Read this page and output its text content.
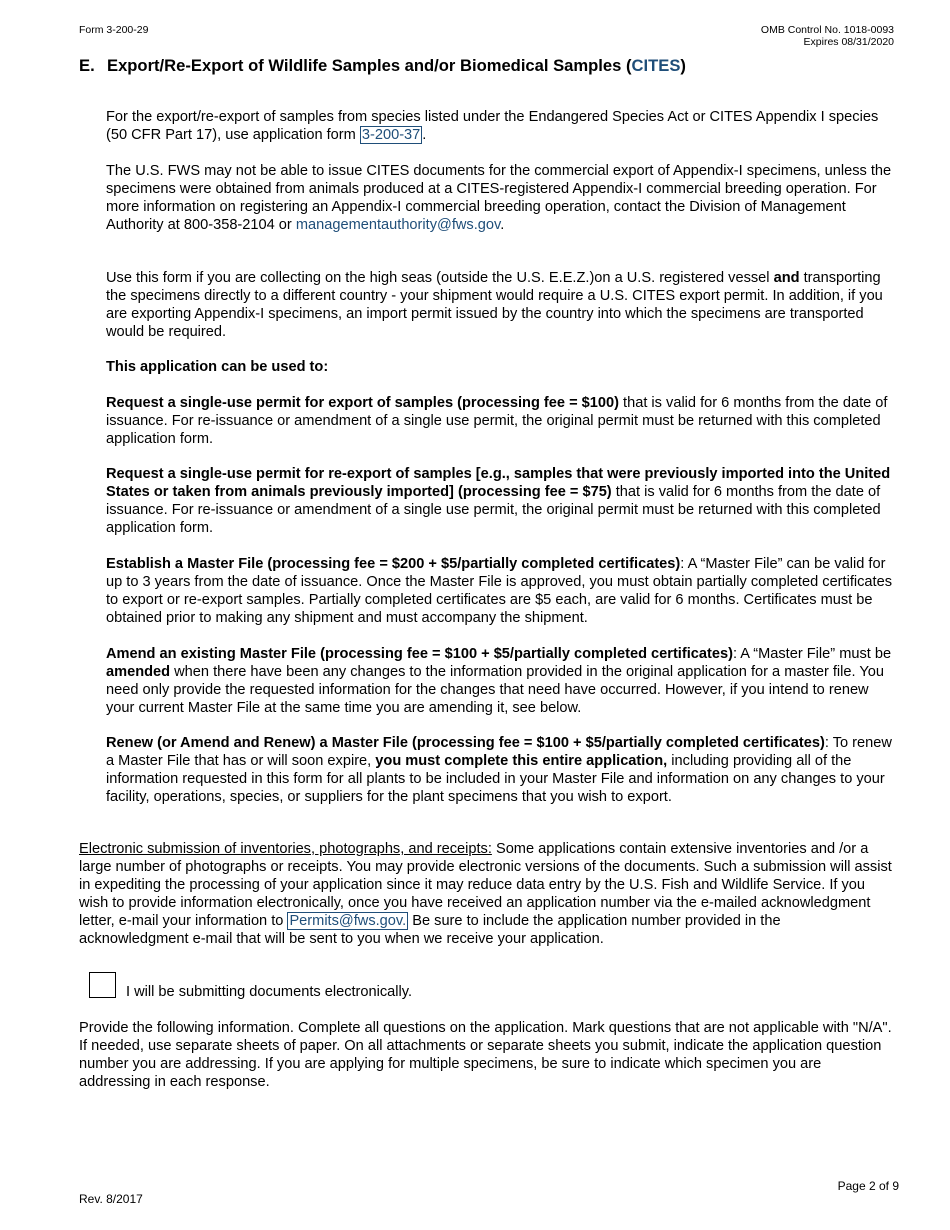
Form 3-200-29	OMB Control No. 1018-0093
Expires 08/31/2020
E. Export/Re-Export of Wildlife Samples and/or Biomedical Samples (CITES)

For the export/re-export of samples from species listed under the Endangered Species Act or CITES Appendix I species (50 CFR Part 17), use application form 3-200-37 .

The U.S. FWS may not be able to issue CITES documents for the commercial export of Appendix-I specimens, unless the specimens were obtained from animals produced at a CITES-registered Appendix-I commercial breeding operation. For more information on registering an Appendix-I commercial breeding operation, contact the Division of Management Authority at 800-358-2104 or managementauthority@fws.gov.

Use this form if you are collecting on the high seas (outside the U.S. E.E.Z.)on a U.S. registered vessel and transporting the specimens directly to a different country - your shipment would require a U.S. CITES export permit. In addition, if you are exporting Appendix-I specimens, an import permit issued by the country into which the specimens are transported would be required.

This application can be used to:

Request a single-use permit for export of samples (processing fee = $100) that is valid for 6 months from the date of issuance. For re-issuance or amendment of a single use permit, the original permit must be returned with this completed application form.

Request a single-use permit for re-export of samples [e.g., samples that were previously imported into the United States or taken from animals previously imported] (processing fee = $75) that is valid for 6 months from the date of issuance. For re-issuance or amendment of a single use permit, the original permit must be returned with this completed application form.

Establish a Master File (processing fee = $200 + $5/partially completed certificates): A “Master File” can be valid for up to 3 years from the date of issuance. Once the Master File is approved, you must obtain partially completed certificates to export or re-export samples. Partially completed certificates are $5 each, are valid for 6 months. Certificates must be obtained prior to making any shipment and must accompany the shipment.

Amend an existing Master File (processing fee = $100 + $5/partially completed certificates): A “Master File” must be amended when there have been any changes to the information provided in the original application for a master file. You need only provide the requested information for the changes that need have occurred. However, if you intend to renew your current Master File at the same time you are amending it, see below.

Renew (or Amend and Renew) a Master File (processing fee = $100 + $5/partially completed certificates): To renew a Master File that has or will soon expire, you must complete this entire application, including providing all of the information requested in this form for all plants to be included in your Master File and information on any changes to your facility, operations, species, or suppliers for the plant specimens that you wish to export.

Electronic submission of inventories, photographs, and receipts: Some applications contain extensive inventories and /or a large number of photographs or receipts. You may provide electronic versions of the documents. Such a submission will assist in expediting the processing of your application since it may reduce data entry by the U.S. Fish and Wildlife Service. If you wish to provide information electronically, once you have received an application number via the e-mailed acknowledgment letter, e-mail your information to Permits@fws.gov. Be sure to include the application number provided in the acknowledgment e-mail that will be sent to you when we receive your application.

I will be submitting documents electronically.

Provide the following information. Complete all questions on the application. Mark questions that are not applicable with "N/A". If needed, use separate sheets of paper. On all attachments or separate sheets you submit, indicate the application question number you are addressing. If you are applying for multiple specimens, be sure to indicate which specimen you are addressing in each response.

Page 2 of 9
Rev. 8/2017
